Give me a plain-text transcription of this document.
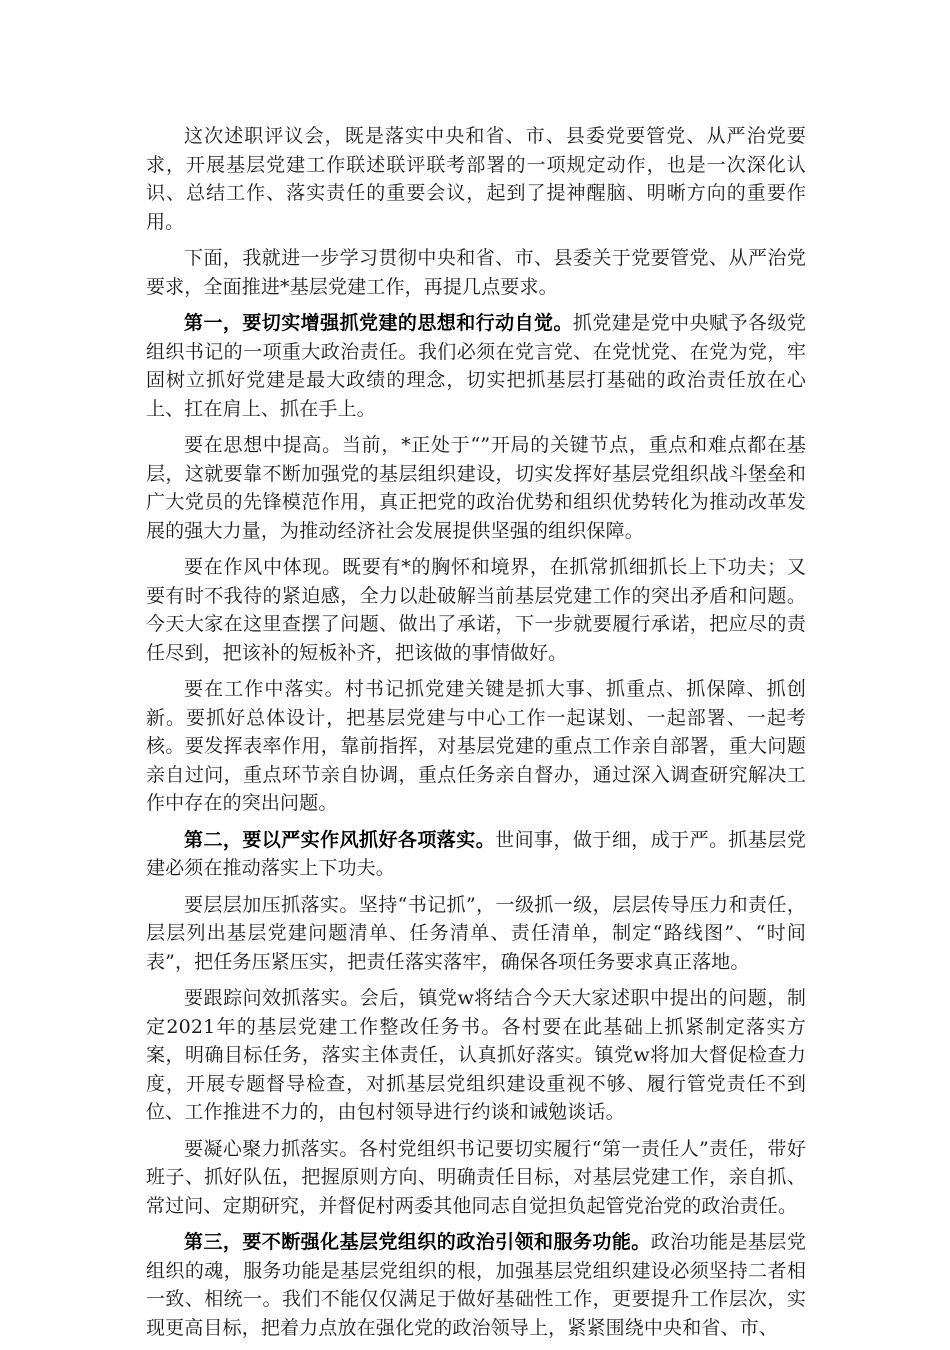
这次述职评议会，既是落实中央和省、市、县委党要管党、从严治党要求，开展基层党建工作联述联评联考部署的一项规定动作，也是一次深化认识、总结工作、落实责任的重要会议，起到了提神醒脑、明晰方向的重要作用。

下面，我就进一步学习贯彻中央和省、市、县委关于党要管党、从严治党要求，全面推进*基层党建工作，再提几点要求。

第一，要切实增强抓党建的思想和行动自觉。抓党建是党中央赋予各级党组织书记的一项重大政治责任。我们必须在党言党、在党忧党、在党为党，牢固树立抓好党建是最大政绩的理念，切实把抓基层打基础的政治责任放在心上、扛在肩上、抓在手上。

要在思想中提高。当前，*正处于“”开局的关键节点，重点和难点都在基层，这就要靠不断加强党的基层组织建设，切实发挥好基层党组织战斗堡垒和广大党员的先锋模范作用，真正把党的政治优势和组织优势转化为推动改革发展的强大力量，为推动经济社会发展提供坚强的组织保障。

要在作风中体现。既要有*的胸怀和境界，在抓常抓细抓长上下功夫；又要有时不我待的紧迫感，全力以赴破解当前基层党建工作的突出矛盾和问题。今天大家在这里查摆了问题、做出了承诺，下一步就要履行承诺，把应尽的责任尽到，把该补的短板补齐，把该做的事情做好。

要在工作中落实。村书记抓党建关键是抓大事、抓重点、抓保障、抓创新。要抓好总体设计，把基层党建与中心工作一起谋划、一起部署、一起考核。要发挥表率作用，靠前指挥，对基层党建的重点工作亲自部署，重大问题亲自过问，重点环节亲自协调，重点任务亲自督办，通过深入调查研究解决工作中存在的突出问题。

第二，要以严实作风抓好各项落实。世间事，做于细，成于严。抓基层党建必须在推动落实上下功夫。

要层层加压抓落实。坚持“书记抓”，一级抓一级，层层传导压力和责任，层层列出基层党建问题清单、任务清单、责任清单，制定“路线图”、“时间表”，把任务压紧压实，把责任落实落牢，确保各项任务要求真正落地。

要跟踪问效抓落实。会后，镇党w将结合今天大家述职中提出的问题，制定2021年的基层党建工作整改任务书。各村要在此基础上抓紧制定落实方案，明确目标任务，落实主体责任，认真抓好落实。镇党w将加大督促检查力度，开展专题督导检查，对抓基层党组织建设重视不够、履行管党责任不到位、工作推进不力的，由包村领导进行约谈和诫勉谈话。

要凝心聚力抓落实。各村党组织书记要切实履行“第一责任人”责任，带好班子、抓好队伍，把握原则方向、明确责任目标，对基层党建工作，亲自抓、常过问、定期研究，并督促村两委其他同志自觉担负起管党治党的政治责任。

第三，要不断强化基层党组织的政治引领和服务功能。政治功能是基层党组织的魂，服务功能是基层党组织的根，加强基层党组织建设必须坚持二者相一致、相统一。我们不能仅仅满足于做好基础性工作，更要提升工作层次，实现更高目标，把着力点放在强化党的政治领导上，紧紧围绕中央和省、市、
